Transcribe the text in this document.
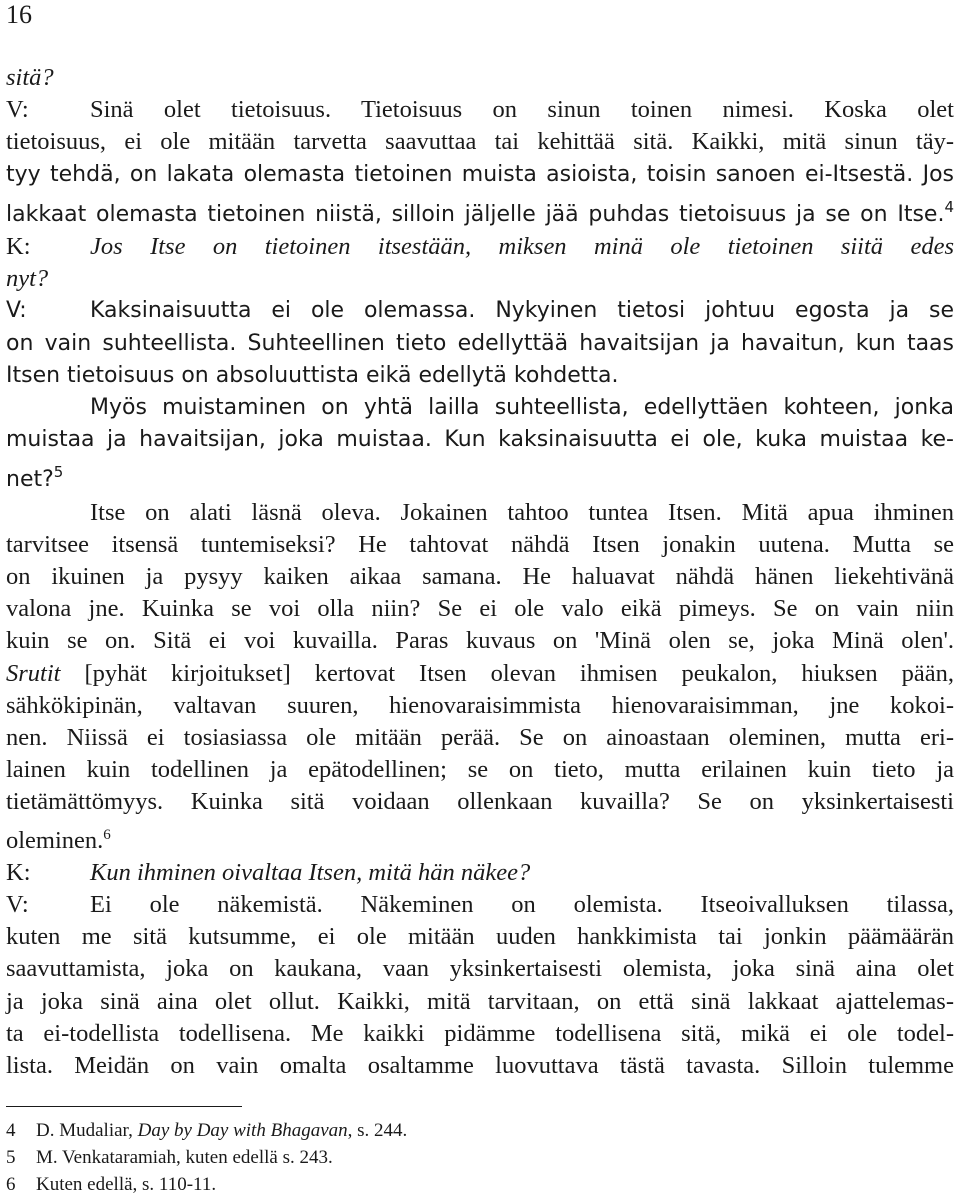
16
sitä?
V:	Sinä olet tietoisuus. Tietoisuus on sinun toinen nimesi. Koska olet
tietoisuus, ei ole mitään tarvetta saavuttaa tai kehittää sitä. Kaikki, mitä sinun täy-
tyy tehdä, on lakata olemasta tietoinen muista asioista, toisin sanoen ei-Itsestä. Jos
lakkaat olemasta tietoinen niistä, silloin jäljelle jää puhdas tietoisuus ja se on Itse.$^4$
K: Jos Itse on tietoinen itsestään, miksen minä ole tietoinen siitä edes
nyt?
V:	Kaksinaisuutta ei ole olemassa. Nykyinen tietosi johtuu egosta ja se
on vain suhteellista. Suhteellinen tieto edellyttää havaitsijan ja havaitun, kun taas
Itsen tietoisuus on absoluuttista eikä edellytä kohdetta.
Myös muistaminen on yhtä lailla suhteellista, edellyttäen kohteen, jonka
muistaa ja havaitsijan, joka muistaa. Kun kaksinaisuutta ei ole, kuka muistaa ke-
net?$^5$
Itse on alati läsnä oleva. Jokainen tahtoo tuntea Itsen. Mitä apua ihminen
tarvitsee itsensä tuntemiseksi? He tahtovat nähdä Itsen jonakin uutena. Mutta se
on ikuinen ja pysyy kaiken aikaa samana. He haluavat nähdä hänen liekehtivänä
valona jne. Kuinka se voi olla niin? Se ei ole valo eikä pimeys. Se on vain niin
kuin se on. Sitä ei voi kuvailla. Paras kuvaus on 'Minä olen se, joka Minä olen'.
Srutit [pyhät kirjoitukset] kertovat Itsen olevan ihmisen peukalon, hiuksen pään,
sähkökipinän, valtavan suuren, hienovaraisimmista hienovaraisimman, jne kokoi-
nen. Niissä ei tosiasiassa ole mitään perää. Se on ainoastaan oleminen, mutta eri-
lainen kuin todellinen ja epätodellinen; se on tieto, mutta erilainen kuin tieto ja
tietämättömyys. Kuinka sitä voidaan ollenkaan kuvailla? Se on yksinkertaisesti
oleminen.$^6$
K: Kun ihminen oivaltaa Itsen, mitä hän näkee?
V:	Ei ole näkemistä. Näkeminen on olemista. Itseoivalluksen tilassa,
kuten me sitä kutsumme, ei ole mitään uuden hankkimista tai jonkin päämäärän
saavuttamista, joka on kaukana, vaan yksinkertaisesti olemista, joka sinä aina olet
ja joka sinä aina olet ollut. Kaikki, mitä tarvitaan, on että sinä lakkaat ajattelemas-
ta ei-todellista todellisena. Me kaikki pidämme todellisena sitä, mikä ei ole todel-
lista. Meidän on vain omalta osaltamme luovuttava tästä tavasta. Silloin tulemme
4 D. Mudaliar, Day by Day with Bhagavan, s. 244.
5 M. Venkataramiah, kuten edellä s. 243.
6 Kuten edellä, s. 110-11.
